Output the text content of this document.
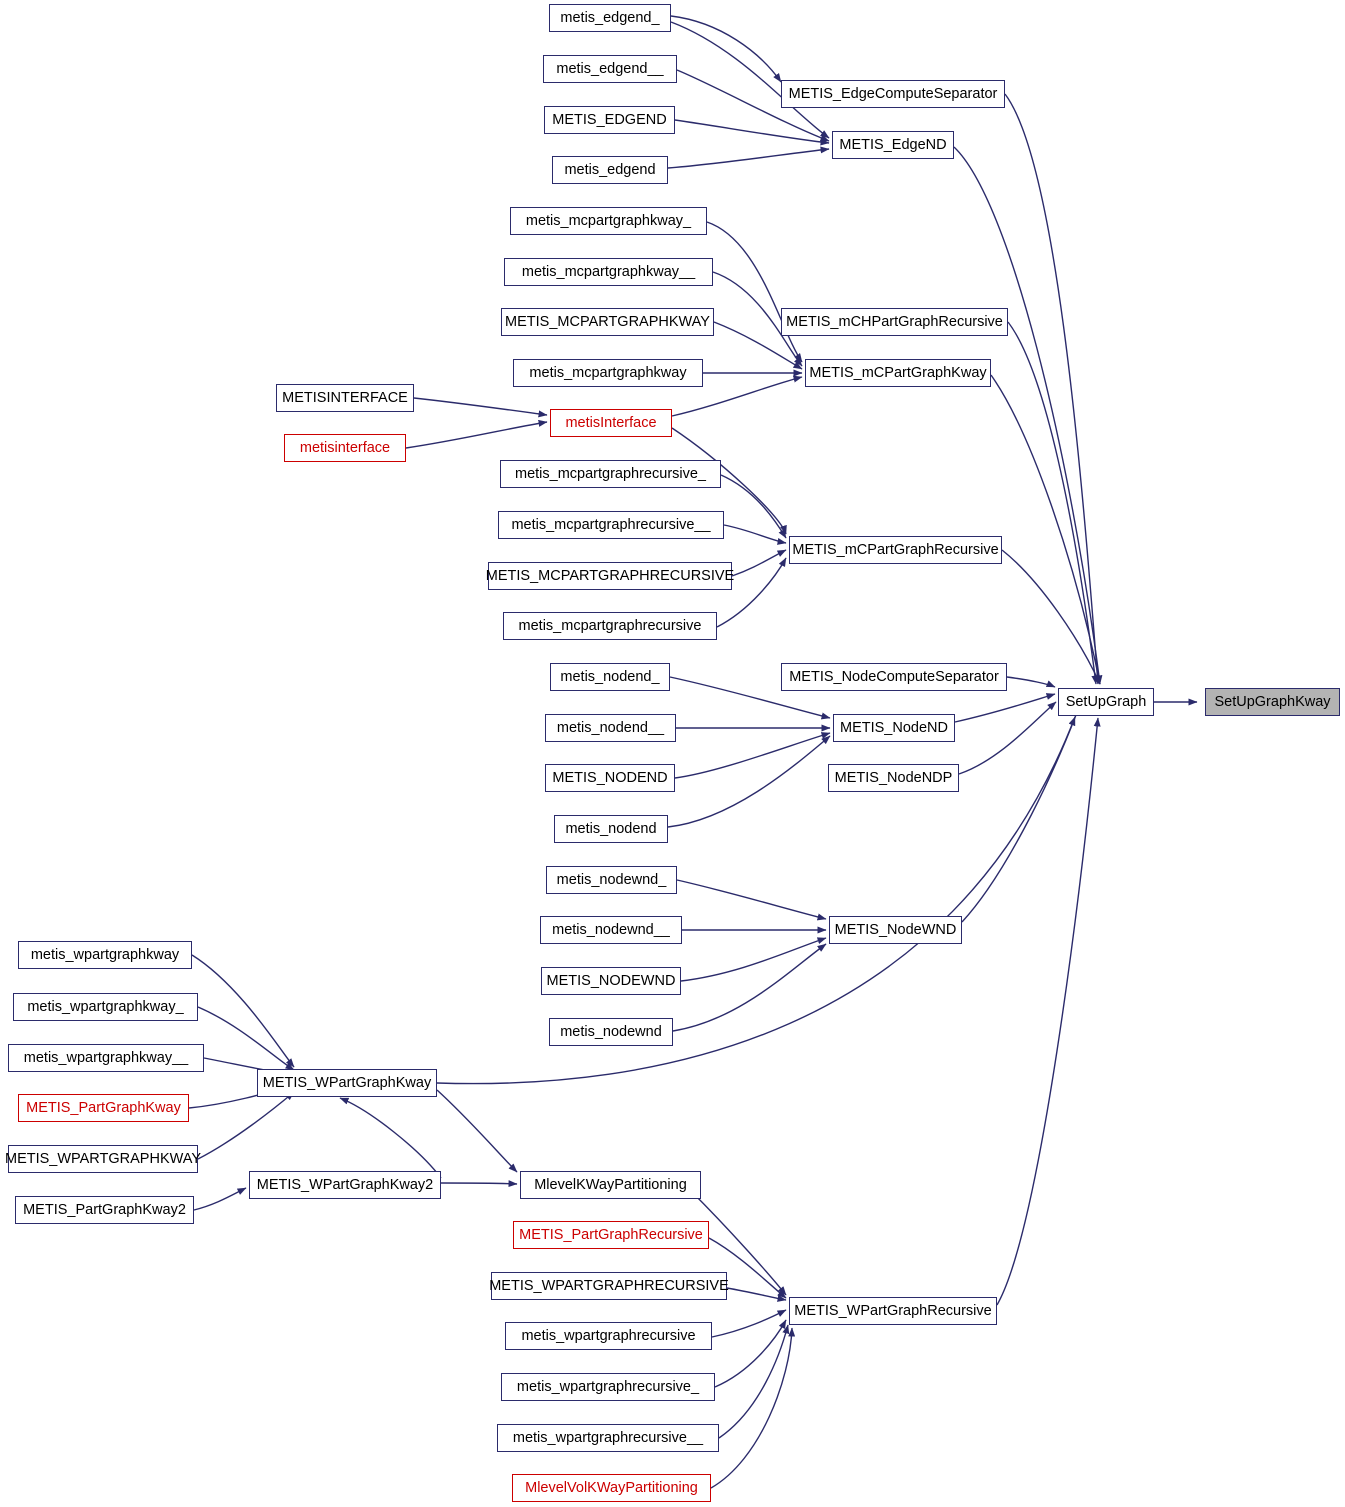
metis_edgend_
metis_edgend__
METIS_EDGEND
metis_edgend
METIS_EdgeComputeSeparator
METIS_EdgeND
metis_mcpartgraphkway_
metis_mcpartgraphkway__
METIS_MCPARTGRAPHKWAY
metis_mcpartgraphkway
METIS_mCHPartGraphRecursive
METIS_mCPartGraphKway
METISINTERFACE
metisinterface
metisInterface
metis_mcpartgraphrecursive_
metis_mcpartgraphrecursive__
METIS_MCPARTGRAPHRECURSIVE
metis_mcpartgraphrecursive
METIS_mCPartGraphRecursive
metis_nodend_
metis_nodend__
METIS_NODEND
metis_nodend
METIS_NodeComputeSeparator
METIS_NodeND
METIS_NodeNDP
metis_nodewnd_
metis_nodewnd__
METIS_NODEWND
metis_nodewnd
METIS_NodeWND
metis_wpartgraphkway
metis_wpartgraphkway_
metis_wpartgraphkway__
METIS_PartGraphKway
METIS_WPARTGRAPHKWAY
METIS_PartGraphKway2
METIS_WPartGraphKway
METIS_WPartGraphKway2	MlevelKWayPartitioning
METIS_PartGraphRecursive
METIS_WPARTGRAPHRECURSIVE
metis_wpartgraphrecursive
metis_wpartgraphrecursive_
metis_wpartgraphrecursive__
MlevelVolKWayPartitioning
METIS_WPartGraphRecursive
SetUpGraph	SetUpGraphKway
